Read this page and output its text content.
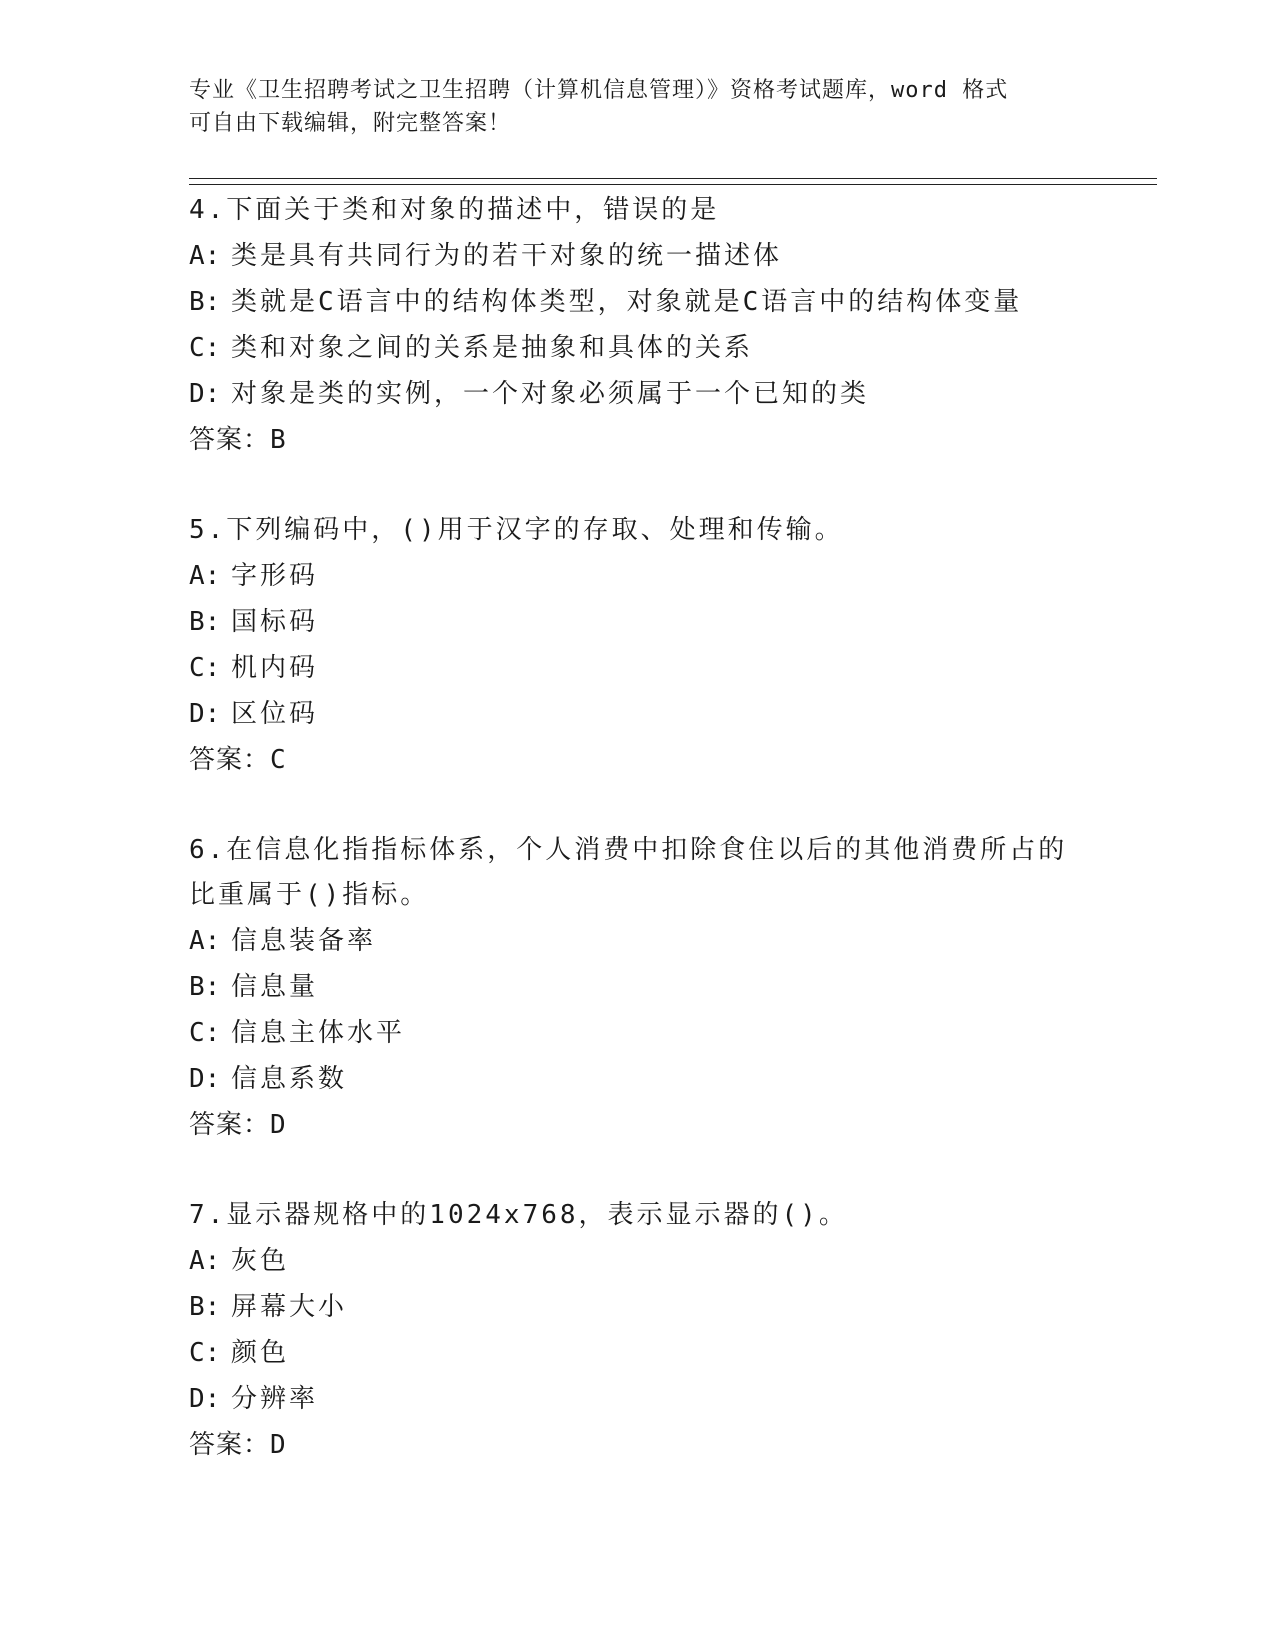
专业《卫生招聘考试之卫生招聘（计算机信息管理）》资格考试题库，word 格式
可自由下载编辑，附完整答案！
4.下面关于类和对象的描述中，错误的是
A: 类是具有共同行为的若干对象的统一描述体
B: 类就是C语言中的结构体类型，对象就是C语言中的结构体变量
C: 类和对象之间的关系是抽象和具体的关系
D: 对象是类的实例，一个对象必须属于一个已知的类
答案：B
5.下列编码中，()用于汉字的存取、处理和传输。
A: 字形码
B: 国标码
C: 机内码
D: 区位码
答案：C
6.在信息化指指标体系，个人消费中扣除食住以后的其他消费所占的
比重属于()指标。
A: 信息装备率
B: 信息量
C: 信息主体水平
D: 信息系数
答案：D
7.显示器规格中的1024x768，表示显示器的()。
A: 灰色
B: 屏幕大小
C: 颜色
D: 分辨率
答案：D
